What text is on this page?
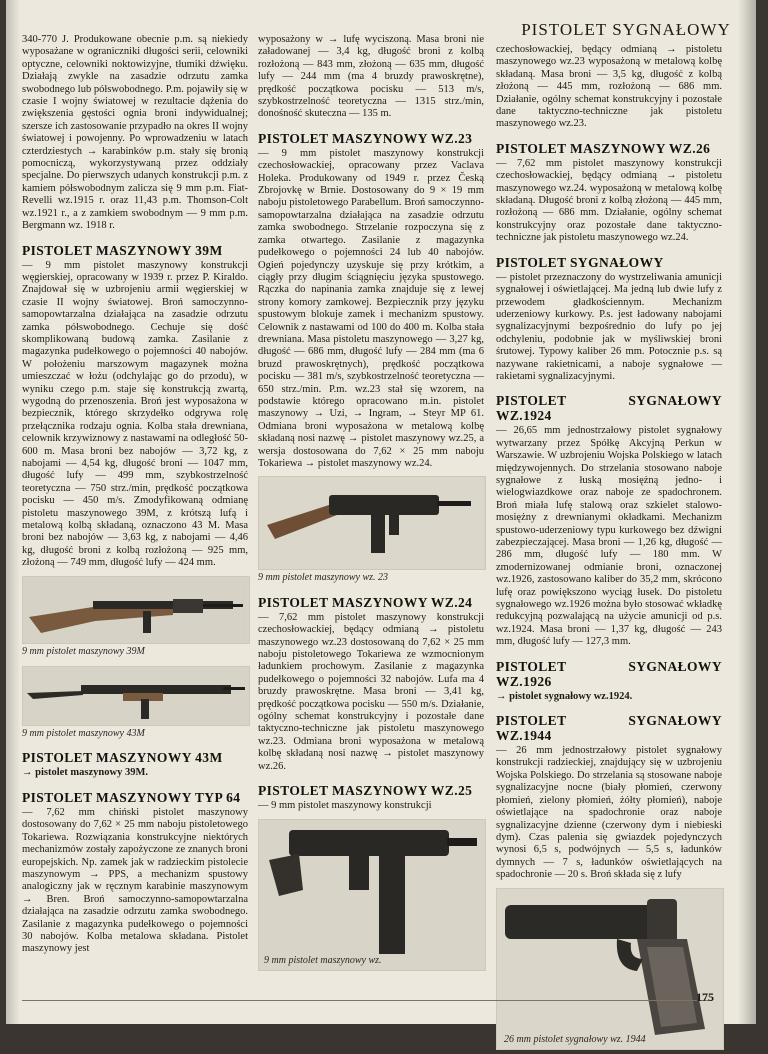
PISTOLET SYGNAŁOWY

340-770 J. Produkowane obecnie p.m. są niekiedy wyposażane w ograniczniki długości serii, celowniki optyczne, celowniki noktowizyjne, tłumiki dźwięku. Działają zwykle na zasadzie odrzutu zamka swobodnego lub półswobodnego. P.m. pojawiły się w czasie I wojny światowej w rezultacie dążenia do zwiększenia gęstości ognia broni indywidualnej; szersze ich zastosowanie przypadło na okres II wojny światowej i powojenny. Po wprowadzeniu w latach czterdziestych → karabinków p.m. stały się bronią pomocniczą, wykorzystywaną przez oddziały specjalne. Do pierwszych udanych konstrukcji p.m. z kamiem półswobodnym zalicza się 9 mm p.m. Fiat-Revelli wz.1915 r. oraz 11,43 p.m. Thomson-Colt wz.1921 r., a z zamkiem swobodnym — 9 mm p.m. Bergmann wz. 1918 r.

PISTOLET MASZYNOWY 39M

— 9 mm pistolet maszynowy konstrukcji węgierskiej, opracowany w 1939 r. przez P. Kiraldo. Znajdował się w uzbrojeniu armii węgierskiej w czasie II wojny światowej. Broń samoczynno-samopowtarzalna działająca na zasadzie odrzutu zamka półswobodnego. Cechuje się dość skomplikowaną budową zamka. Zasilanie z magazynka pudełkowego o pojemności 40 nabojów. W położeniu marszowym magazynek można umieszczać w łożu (odchylając go do przodu), w wyniku czego p.m. staje się konstrukcją zwartą, wygodną do przenoszenia. Broń jest wyposażona w bezpiecznik, którego skrzydełko odgrywa rolę przełącznika rodzaju ognia. Kolba stała drewniana, celownik krzywiznowy z nastawami na odległość 50-600 m. Masa broni bez nabojów — 3,72 kg, z nabojami — 4,54 kg, długość broni — 1047 mm, długość lufy — 499 mm, szybkostrzelność teoretyczna — 750 strz./min, prędkość początkowa pocisku — 450 m/s. Zmodyfikowaną odmianę pistoletu maszynowego 39M, z krótszą lufą i metalową kolbą składaną, oznaczono 43 M. Masa broni bez nabojów — 3,63 kg, z nabojami — 4,46 kg, długość broni z kolbą rozłożoną — 925 mm, złożoną — 749 mm, długość lufy — 424 mm.

9 mm pistolet maszynowy 39M
9 mm pistolet maszynowy 43M
PISTOLET MASZYNOWY 43M

→ pistolet maszynowy 39M.

PISTOLET MASZYNOWY TYP 64

— 7,62 mm chiński pistolet maszynowy dostosowany do 7,62 × 25 mm naboju pistoletowego Tokariewa. Rozwiązania konstrukcyjne niektórych mechanizmów zostały zapożyczone ze znanych broni europejskich. Np. zamek jak w radzieckim pistolecie maszynowym → PPS, a mechanizm spustowy analogiczny jak w ręcznym karabinie maszynowym → Bren. Broń samoczynno-samopowtarzalna działająca na zasadzie odrzutu zamka swobodnego. Zasilanie z magazynka pudełkowego o pojemności 30 nabojów. Kolba metalowa składana. Pistolet maszynowy jest

wyposażony w → lufę wyciszoną. Masa broni nie załadowanej — 3,4 kg, długość broni z kolbą rozłożoną — 843 mm, złożoną — 635 mm, długość lufy — 244 mm (ma 4 bruzdy prawoskrętne), prędkość początkowa pocisku — 513 m/s, szybkostrzelność teoretyczna — 1315 strz./min, donośność skuteczna — 135 m.

PISTOLET MASZYNOWY WZ.23

— 9 mm pistolet maszynowy konstrukcji czechosłowackiej, opracowany przez Vaclava Holeka. Produkowany od 1949 r. przez Česką Zbrojovkę w Brnie. Dostosowany do 9 × 19 mm naboju pistoletowego Parabellum. Broń samoczynno-samopowtarzalna działająca na zasadzie odrzutu zamka swobodnego. Strzelanie rozpoczyna się z zamka otwartego. Zasilanie z magazynka pudełkowego o pojemności 24 lub 40 nabojów. Ogień pojedynczy uzyskuje się przy krótkim, a ciągły przy długim ściągnięciu języka spustowego. Rączka do napinania zamka znajduje się z lewej strony komory zamkowej. Bezpiecznik przy języku spustowym blokuje zamek i mechanizm spustowy. Celownik z nastawami od 100 do 400 m. Kolba stała drewniana. Masa pistoletu maszynowego — 3,27 kg, długość — 686 mm, długość lufy — 284 mm (ma 6 bruzd prawoskrętnych), prędkość początkowa pocisku — 381 m/s, szybkostrzelność teoretyczna — 650 strz./min. P.m. wz.23 stał się wzorem, na podstawie którego opracowano m.in. pistolet maszynowy → Uzi, → Ingram, → Steyr MP 61. Odmiana broni wyposażona w metalową kolbę składaną nosi nazwę → pistolet maszynowy wz.25, a wersja dostosowana do 7,62 × 25 mm naboju Tokariewa → pistolet maszynowy wz.24.

9 mm pistolet maszynowy wz. 23
PISTOLET MASZYNOWY WZ.24

— 7,62 mm pistolet maszynowy konstrukcji czechosłowackiej, będący odmianą → pistoletu maszynowego wz.23 dostosowaną do 7,62 × 25 mm naboju pistoletowego Tokariewa ze wzmocnionym ładunkiem prochowym. Zasilanie z magazynka pudełkowego o pojemności 32 nabojów. Lufa ma 4 bruzdy prawoskrętne. Masa broni — 3,41 kg, prędkość początkowa pocisku — 550 m/s. Działanie, ogólny schemat konstrukcyjny i pozostałe dane taktyczno-techniczne jak pistoletu maszynowego wz.23. Odmiana broni wyposażona w metalową kolbę składaną nosi nazwę → pistolet maszynowy wz.26.

PISTOLET MASZYNOWY WZ.25

— 9 mm pistolet maszynowy konstrukcji

9 mm pistolet maszynowy wz.

czechosłowackiej, będący odmianą → pistoletu maszynowego wz.23 wyposażoną w metalową kolbę składaną. Masa broni — 3,5 kg, długość z kolbą złożoną — 445 mm, rozłożoną — 686 mm. Działanie, ogólny schemat konstrukcyjny i pozostałe dane taktyczno-techniczne jak pistoletu maszynowego wz.23.

PISTOLET MASZYNOWY WZ.26

— 7,62 mm pistolet maszynowy konstrukcji czechosłowackiej, będący odmianą → pistoletu maszynowego wz.24. wyposażoną w metalową kolbę składaną. Długość broni z kolbą złożoną — 445 mm, rozłożoną — 686 mm. Działanie, ogólny schemat konstrukcyjny oraz pozostałe dane taktyczno-techniczne jak pistoletu maszynowego wz.24.

PISTOLET SYGNAŁOWY

— pistolet przeznaczony do wystrzeliwania amunicji sygnałowej i oświetlającej. Ma jedną lub dwie lufy z przewodem gładkościennym. Mechanizm uderzeniowy kurkowy. P.s. jest ładowany nabojami sygnalizacyjnymi bezpośrednio do lufy po jej odchyleniu, podobnie jak w myśliwskiej broni śrutowej. Typowy kaliber 26 mm. Potocznie p.s. są nazywane rakietnicami, a naboje sygnałowe — rakietami sygnalizacyjnymi.

PISTOLET	SYGNAŁOWY

WZ.1924

— 26,65 mm jednostrzałowy pistolet sygnałowy wytwarzany przez Spółkę Akcyjną Perkun w Warszawie. W uzbrojeniu Wojska Polskiego w latach międzywojennych. Do strzelania stosowano naboje sygnałowe z łuską mosiężną jedno- i wielogwiazdkowe oraz naboje ze spadochronem. Broń miała lufę stalową oraz szkielet stalowo-mosiężny z drewnianymi okładkami. Mechanizm spustowo-uderzeniowy typu kurkowego bez dźwigni zabezpieczającej. Masa broni — 1,26 kg, długość — 286 mm, długość lufy — 180 mm. W zmodernizowanej odmianie broni, oznaczonej wz.1926, zastosowano kaliber do 35,2 mm, skrócono lufę oraz powiększono wyciąg łusek. Do pistoletu sygnałowego wz.1926 można było stosować wkładkę redukcyjną pozwalającą na użycie amunicji od p.s. wz.1924. Masa broni — 1,37 kg, długość — 243 mm, długość lufy — 127,3 mm.

PISTOLET	SYGNAŁOWY

WZ.1926

→ pistolet sygnałowy wz.1924.

PISTOLET	SYGNAŁOWY

WZ.1944

— 26 mm jednostrzałowy pistolet sygnałowy konstrukcji radzieckiej, znajdujący się w uzbrojeniu Wojska Polskiego. Do strzelania są stosowane naboje sygnalizacyjne nocne (biały płomień, czerwony płomień, zielony płomień, żółty płomień), naboje oświetlające na spadochronie oraz naboje sygnalizacyjne dzienne (czerwony dym i niebieski dym). Czas palenia się gwiazdek pojedynczych wynosi 6,5 s, podwójnych — 5,5 s, ładunków dymnych — 7 s, ładunków oświetlających na spadochronie — 20 s. Broń składa się z lufy

26 mm pistolet sygnałowy wz. 1944
175
